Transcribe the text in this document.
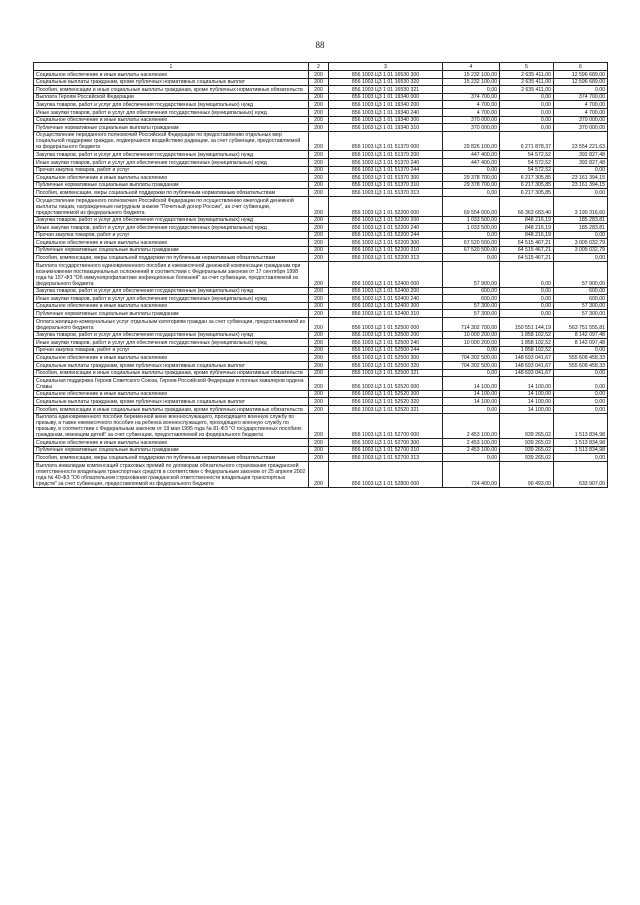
88
1	2	3	4	5	6
Социальное обеспечение и иные выплаты населению	200	856 1003 Ц3 1 01 16530 300	15 232 100,00	2 635 411,00	12 596 689,00
Социальные выплаты гражданам, кроме публичных нормативных социальных выплат	200	856 1003 Ц3 1 01 16530 320	15 232 100,00	2 635 411,00	12 596 689,00
Пособия, компенсации и иные социальные выплаты гражданам, кроме публичных нормативных обязательств	200	856 1003 Ц3 1 01 16530 321	0,00	2 635 411,00	0,00
Выплата Героям Российской Федерации	200	856 1003 Ц3 1 01 19340 000	374 700,00	0,00	374 700,00
Закупка товаров, работ и услуг для обеспечения государственных (муниципальных) нужд	200	856 1003 Ц3 1 01 19340 200	4 700,00	0,00	4 700,00
Иные закупки товаров, работ и услуг для обеспечения государственных (муниципальных) нужд	200	856 1003 Ц3 1 01 19340 240	4 700,00	0,00	4 700,00
Социальное обеспечение и иные выплаты населению	200	856 1003 Ц3 1 01 19340 300	370 000,00	0,00	370 000,00
Публичные нормативные социальные выплаты гражданам	200	856 1003 Ц3 1 01 19340 310	370 000,00	0,00	370 000,00
Осуществление переданного полномочий Российской Федерации по предоставлению отдельных мер социальной поддержки граждан, подвергшихся воздействию радиации, за счет субвенции, предоставляемой из федерального бюджета	200	856 1003 Ц3 1 01 51370 000	29 826 100,00	6 271 878,37	23 554 221,63
Закупка товаров, работ и услуг для обеспечения государственных (муниципальных) нужд	200	856 1003 Ц3 1 01 51370 200	447 400,00	54 572,52	392 827,48
Иные закупки товаров, работ и услуг для обеспечения государственных (муниципальных) нужд	200	856 1003 Ц3 1 01 51370 240	447 400,00	54 572,52	392 827,48
Прочая закупка товаров, работ и услуг	200	856 1003 Ц3 1 01 51370 244	0,00	54 572,52	0,00
Социальное обеспечение и иные выплаты населению	200	856 1003 Ц3 1 01 51370 300	29 378 700,00	6 217 305,85	23 161 394,15
Публичные нормативные социальные выплаты гражданам	200	856 1003 Ц3 1 01 51370 310	29 378 700,00	6 217 305,85	23 161 394,15
Пособия, компенсации, меры социальной поддержки по публичным нормативным обязательствам	200	856 1003 Ц3 1 01 51370 313	0,00	6 217 305,85	0,00
Осуществление переданного полномочия Российской Федерации по осуществлению ежегодной денежной выплаты лицам, награжденным нагрудным знаком "Почетный донор России", за счет субвенции, предоставляемой из федерального бюджета	200	856 1003 Ц3 1 01 52200 000	69 554 000,00	66 363 683,40	3 190 316,60
Закупка товаров, работ и услуг для обеспечения государственных (муниципальных) нужд	200	856 1003 Ц3 1 01 52200 200	1 033 500,00	848 216,19	185 283,81
Иные закупки товаров, работ и услуг для обеспечения государственных (муниципальных) нужд	200	856 1003 Ц3 1 01 52200 240	1 033 500,00	848 216,19	185 283,81
Прочая закупка товаров, работ и услуг	200	856 1003 Ц3 1 01 52200 244	0,00	848 216,19	0,00
Социальное обеспечение и иные выплаты населению	200	856 1003 Ц3 1 01 52200 300	67 520 500,00	64 515 467,21	3 005 032,79
Публичные нормативные социальные выплаты гражданам	200	856 1003 Ц3 1 01 52200 310	67 520 500,00	64 515 467,21	3 005 032,79
Пособия, компенсации, меры социальной поддержки по публичным нормативным обязательствам	200	856 1003 Ц3 1 01 52200 313	0,00	64 515 467,21	0,00
Выплата государственного единовременного пособия и ежемесячной денежной компенсации гражданам при возникновении поствакцинальных осложнений в соответствии с Федеральным законом от 17 сентября 1998 года № 157-ФЗ "Об иммунопрофилактике инфекционных болезней" за счет субвенции, предоставляемой из федерального бюджета	200	856 1003 Ц3 1 01 52400 000	57 900,00	0,00	57 900,00
Закупка товаров, работ и услуг для обеспечения государственных (муниципальных) нужд	200	856 1003 Ц3 1 01 52400 200	600,00	0,00	600,00
Иные закупки товаров, работ и услуг для обеспечения государственных (муниципальных) нужд	200	856 1003 Ц3 1 01 52400 240	600,00	0,00	600,00
Социальное обеспечение и иные выплаты населению	200	856 1003 Ц3 1 01 52400 300	57 300,00	0,00	57 300,00
Публичные нормативные социальные выплаты гражданам	200	856 1003 Ц3 1 01 52400 310	57 300,00	0,00	57 300,00
Оплата жилищно-коммунальных услуг отдельным категориям граждан за счет субвенции, предоставляемой из федерального бюджета	200	856 1003 Ц3 1 01 52500 000	714 302 700,00	150 551 144,19	563 751 555,81
Закупка товаров, работ и услуг для обеспечения государственных (муниципальных) нужд	200	856 1003 Ц3 1 01 52500 200	10 000 200,00	1 858 102,52	8 142 097,48
Иные закупки товаров, работ и услуг для обеспечения государственных (муниципальных) нужд	200	856 1003 Ц3 1 01 52500 240	10 000 200,00	1 858 102,52	8 142 097,48
Прочая закупка товаров, работ и услуг	200	856 1003 Ц3 1 01 52500 244	0,00	1 858 102,52	0,00
Социальное обеспечение и иные выплаты населению	200	856 1003 Ц3 1 01 52500 300	704 302 500,00	148 693 041,67	555 609 458,33
Социальные выплаты гражданам, кроме публичных нормативных социальных выплат	200	856 1003 Ц3 1 01 52500 320	704 302 500,00	148 693 041,67	555 609 458,33
Пособия, компенсации и иные социальные выплаты гражданам, кроме публичных нормативных обязательств	200	856 1003 Ц3 1 01 52500 321	0,00	148 693 041,67	0,00
Социальная поддержка Героев Советского Союза, Героев Российской Федерации и полных кавалеров ордена Славы	200	856 1003 Ц3 1 01 52520 000	14 100,00	14 100,00	0,00
Социальное обеспечение и иные выплаты населению	200	856 1003 Ц3 1 01 52520 300	14 100,00	14 100,00	0,00
Социальные выплаты гражданам, кроме публичных нормативных социальных выплат	200	856 1003 Ц3 1 01 52520 320	14 100,00	14 100,00	0,00
Пособия, компенсации и иные социальные выплаты гражданам, кроме публичных нормативных обязательств	200	856 1003 Ц3 1 01 52520 321	0,00	14 100,00	0,00
Выплата единовременного пособия беременной жене военнослужащего, проходящего военную службу по призыву, а также ежемесячного пособия на ребенка военнослужащего, проходящего военную службу по призыву, в соответствии с Федеральным законом от 19 мая 1995 года № 81-ФЗ "О государственных пособиях гражданам, имеющим детей" за счет субвенции, предоставляемой из федерального бюджета	200	856 1003 Ц3 1 01 52700 000	2 453 100,00	939 265,02	1 513 834,98
Социальное обеспечение и иные выплаты населению	200	856 1003 Ц3 1 01 52700 300	2 453 100,00	939 265,02	1 513 834,98
Публичные нормативные социальные выплаты гражданам	200	856 1003 Ц3 1 01 52700 310	2 453 100,00	939 265,02	1 513 834,98
Пособия, компенсации, меры социальной поддержки по публичным нормативным обязательствам	200	856 1003 Ц3 1 01 52700 313	0,00	939 265,02	0,00
Выплата инвалидам компенсаций страховых премий по договорам обязательного страхования гражданской ответственности владельцев транспортных средств в соответствии с Федеральным законом от 25 апреля 2002 года № 40-ФЗ "Об обязательном страховании гражданской ответственности владельцев транспортных средств" за счет субвенции, предоставляемой из федерального бюджета	200	856 1003 Ц3 1 01 52800 000	724 400,00	90 493,00	633 907,00
